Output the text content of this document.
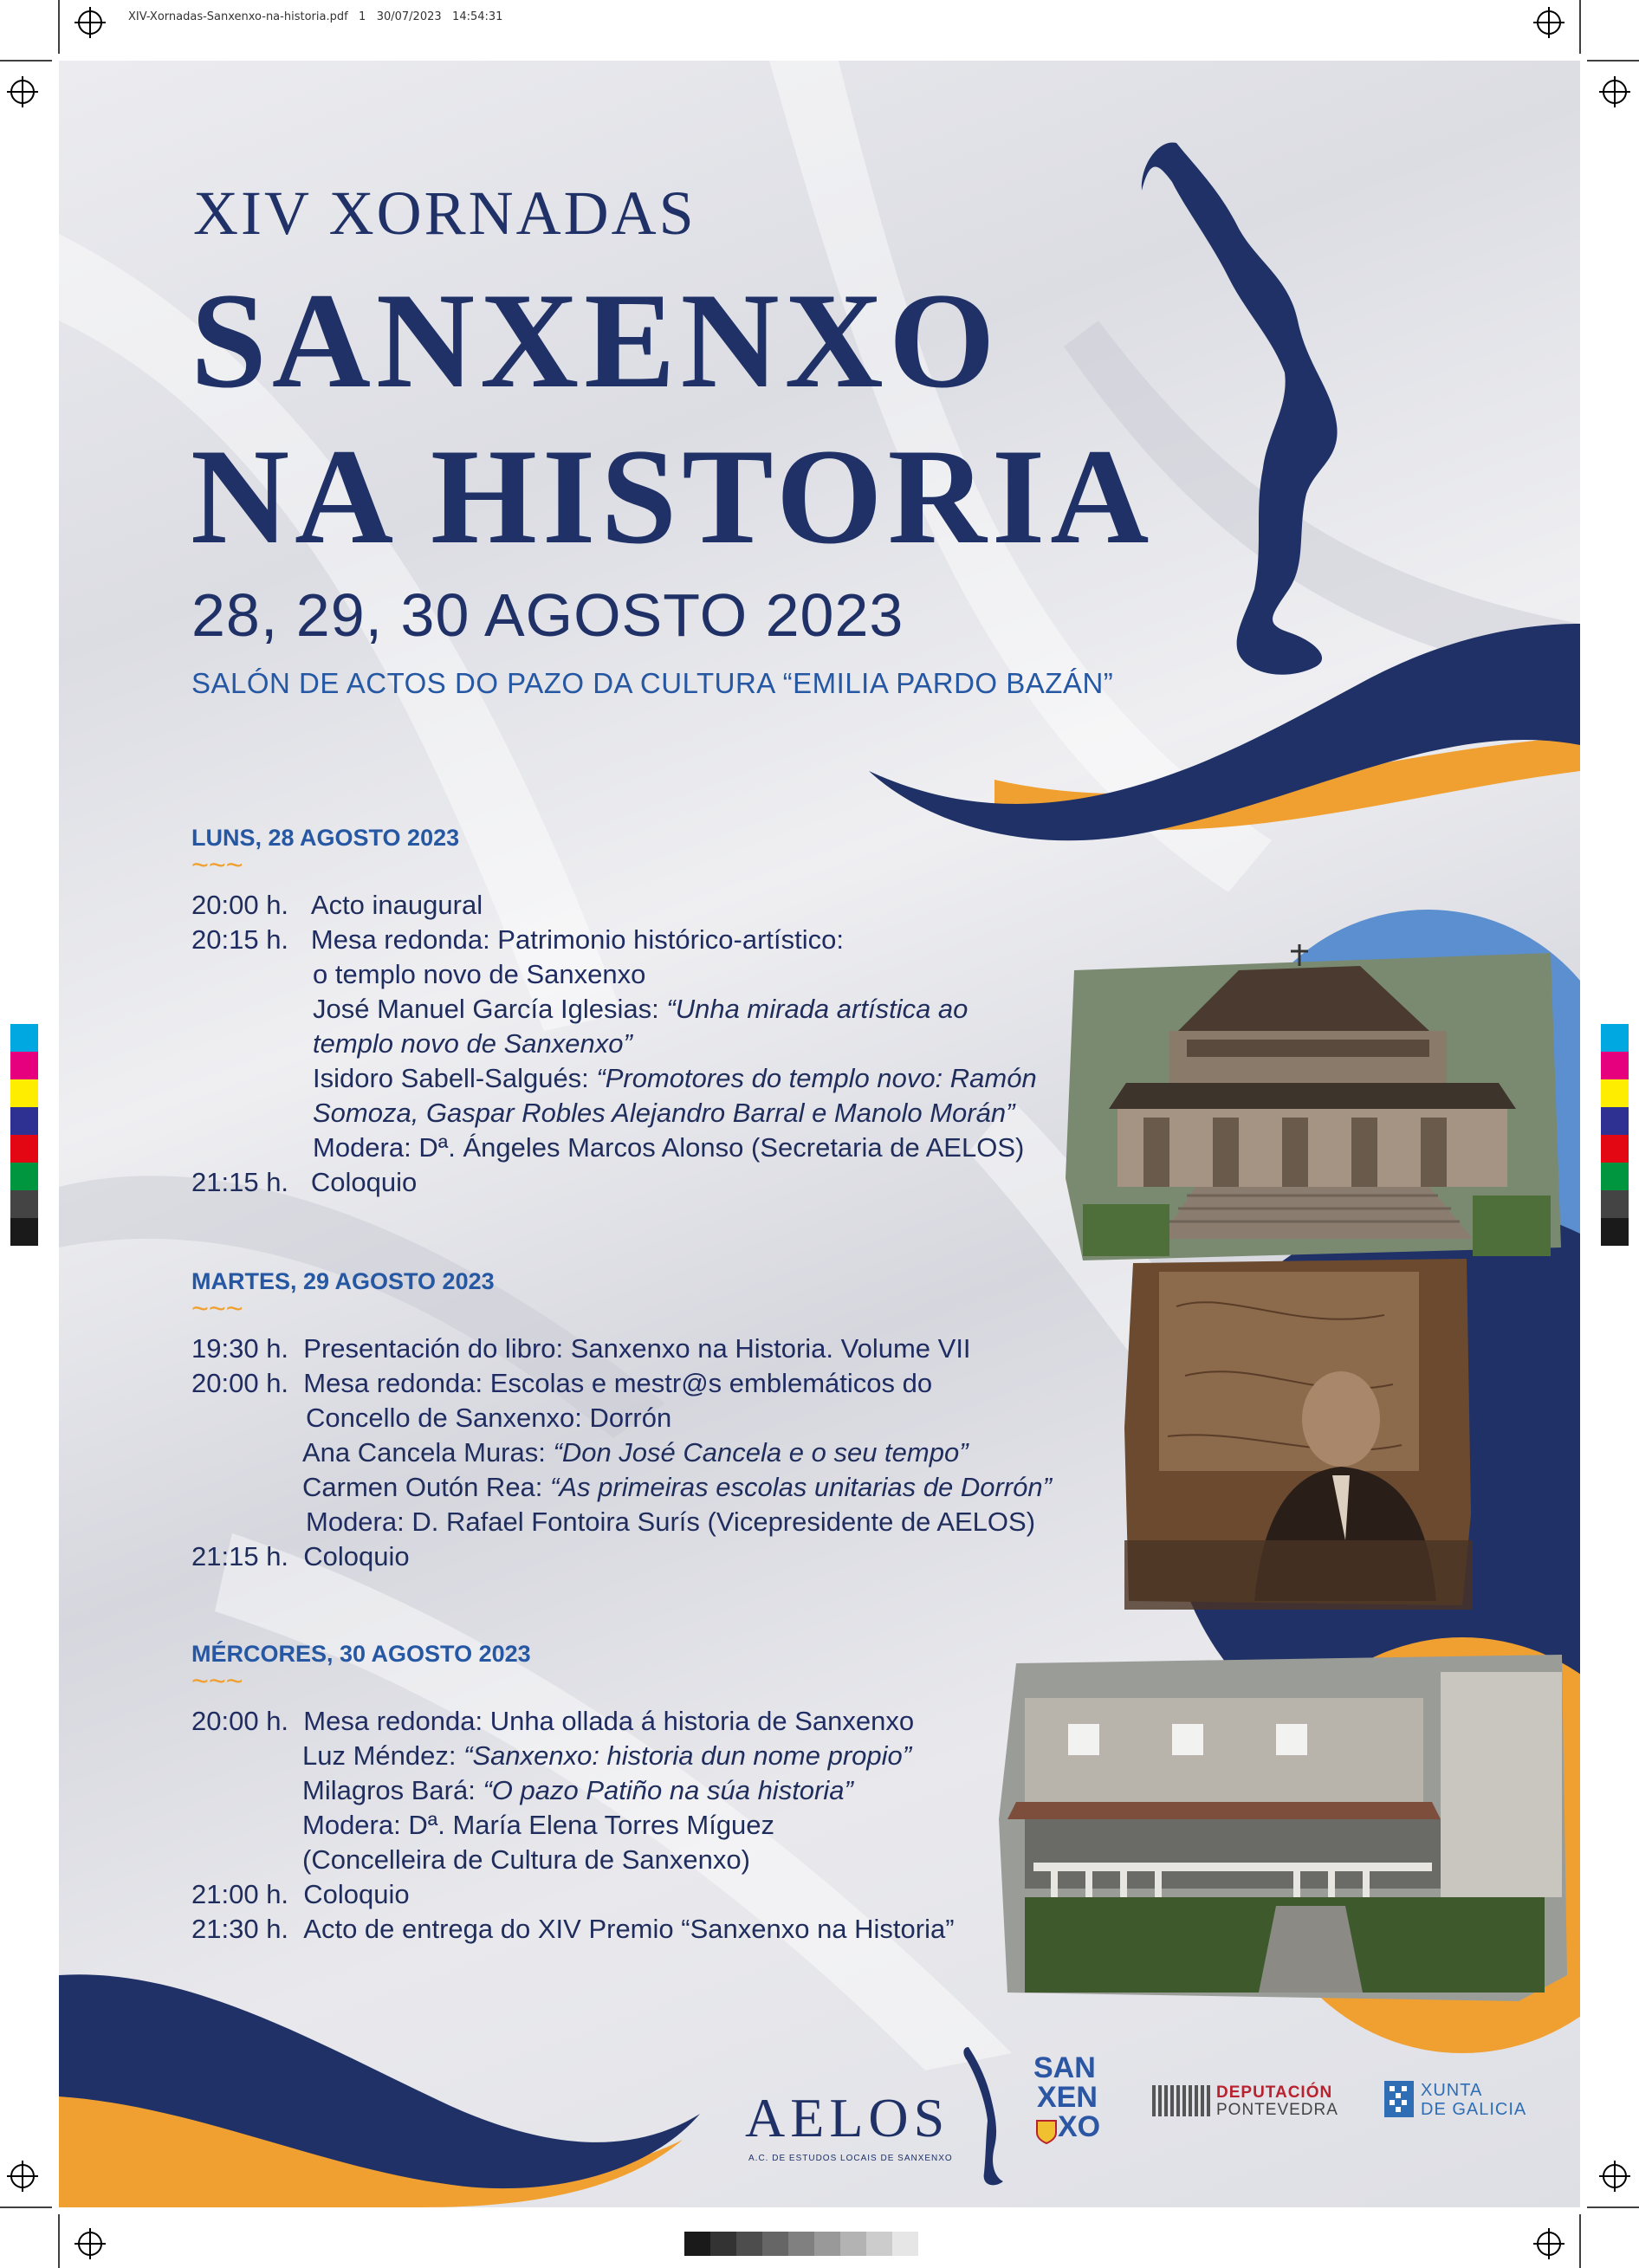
XIV-Xornadas-Sanxenxo-na-historia.pdf   1   30/07/2023   14:54:31
XIV XORNADAS
SANXENXO
NA HISTORIA
28, 29, 30 AGOSTO 2023
SALÓN DE ACTOS DO PAZO DA CULTURA “EMILIA PARDO BAZÁN”
LUNS, 28 AGOSTO 2023
~~~
20:00 h. Acto inaugural
20:15 h. Mesa redonda: Patrimonio histórico-artístico:
o templo novo de Sanxenxo
José Manuel García Iglesias: “Unha mirada artística ao
templo novo de Sanxenxo”
Isidoro Sabell-Salgués: “Promotores do templo novo: Ramón
Somoza, Gaspar Robles Alejandro Barral e Manolo Morán”
Modera: Dª. Ángeles Marcos Alonso (Secretaria de AELOS)
21:15 h. Coloquio
MARTES, 29 AGOSTO 2023
~~~
19:30 h. Presentación do libro: Sanxenxo na Historia. Volume VII
20:00 h. Mesa redonda: Escolas e mestr@s emblemáticos do
Concello de Sanxenxo: Dorrón
Ana Cancela Muras: “Don José Cancela e o seu tempo”
Carmen Outón Rea: “As primeiras escolas unitarias de Dorrón”
Modera: D. Rafael Fontoira Surís (Vicepresidente de AELOS)
21:15 h. Coloquio
MÉRCORES, 30 AGOSTO 2023
~~~
20:00 h. Mesa redonda: Unha ollada á historia de Sanxenxo
Luz Méndez: “Sanxenxo: historia dun nome propio”
Milagros Bará: “O pazo Patiño na súa historia”
Modera: Dª. María Elena Torres Míguez
(Concelleira de Cultura de Sanxenxo)
21:00 h. Coloquio
21:30 h. Acto de entrega do XIV Premio “Sanxenxo na Historia”
AELOS
A.C. DE ESTUDOS LOCAIS DE SANXENXO
SAN
XEN
XO
DEPUTACIÓN
PONTEVEDRA
XUNTA
DE GALICIA
